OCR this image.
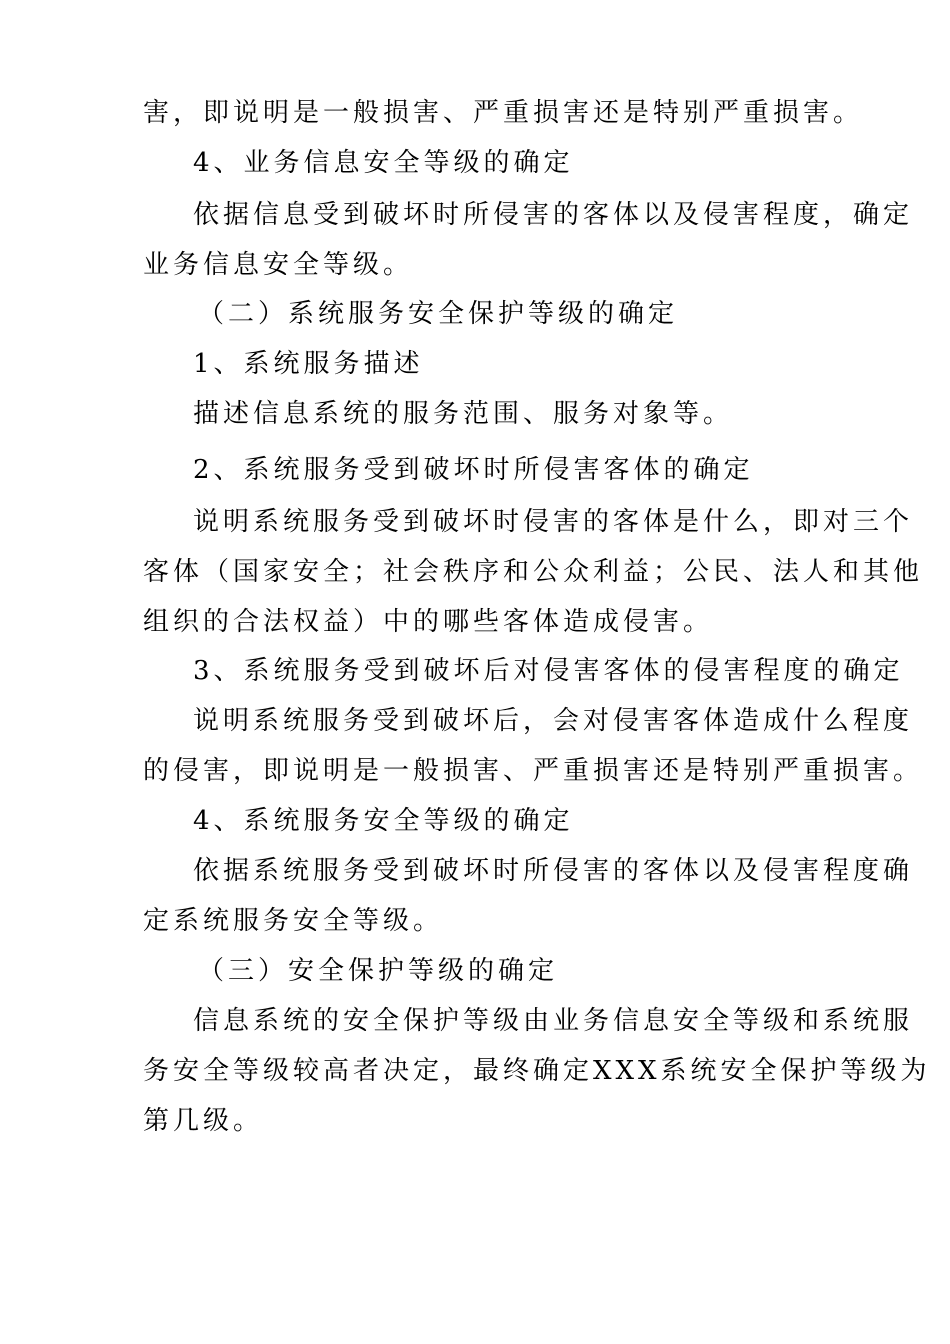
害，即说明是一般损害、严重损害还是特别严重损害。
4、业务信息安全等级的确定
依据信息受到破坏时所侵害的客体以及侵害程度，确定
业务信息安全等级。
（二）系统服务安全保护等级的确定
1、系统服务描述
描述信息系统的服务范围、服务对象等。
2、系统服务受到破坏时所侵害客体的确定
说明系统服务受到破坏时侵害的客体是什么，即对三个
客体（国家安全；社会秩序和公众利益；公民、法人和其他
组织的合法权益）中的哪些客体造成侵害。
3、系统服务受到破坏后对侵害客体的侵害程度的确定
说明系统服务受到破坏后，会对侵害客体造成什么程度
的侵害，即说明是一般损害、严重损害还是特别严重损害。
4、系统服务安全等级的确定
依据系统服务受到破坏时所侵害的客体以及侵害程度确
定系统服务安全等级。
（三）安全保护等级的确定
信息系统的安全保护等级由业务信息安全等级和系统服
务安全等级较高者决定，最终确定XXX系统安全保护等级为
第几级。
